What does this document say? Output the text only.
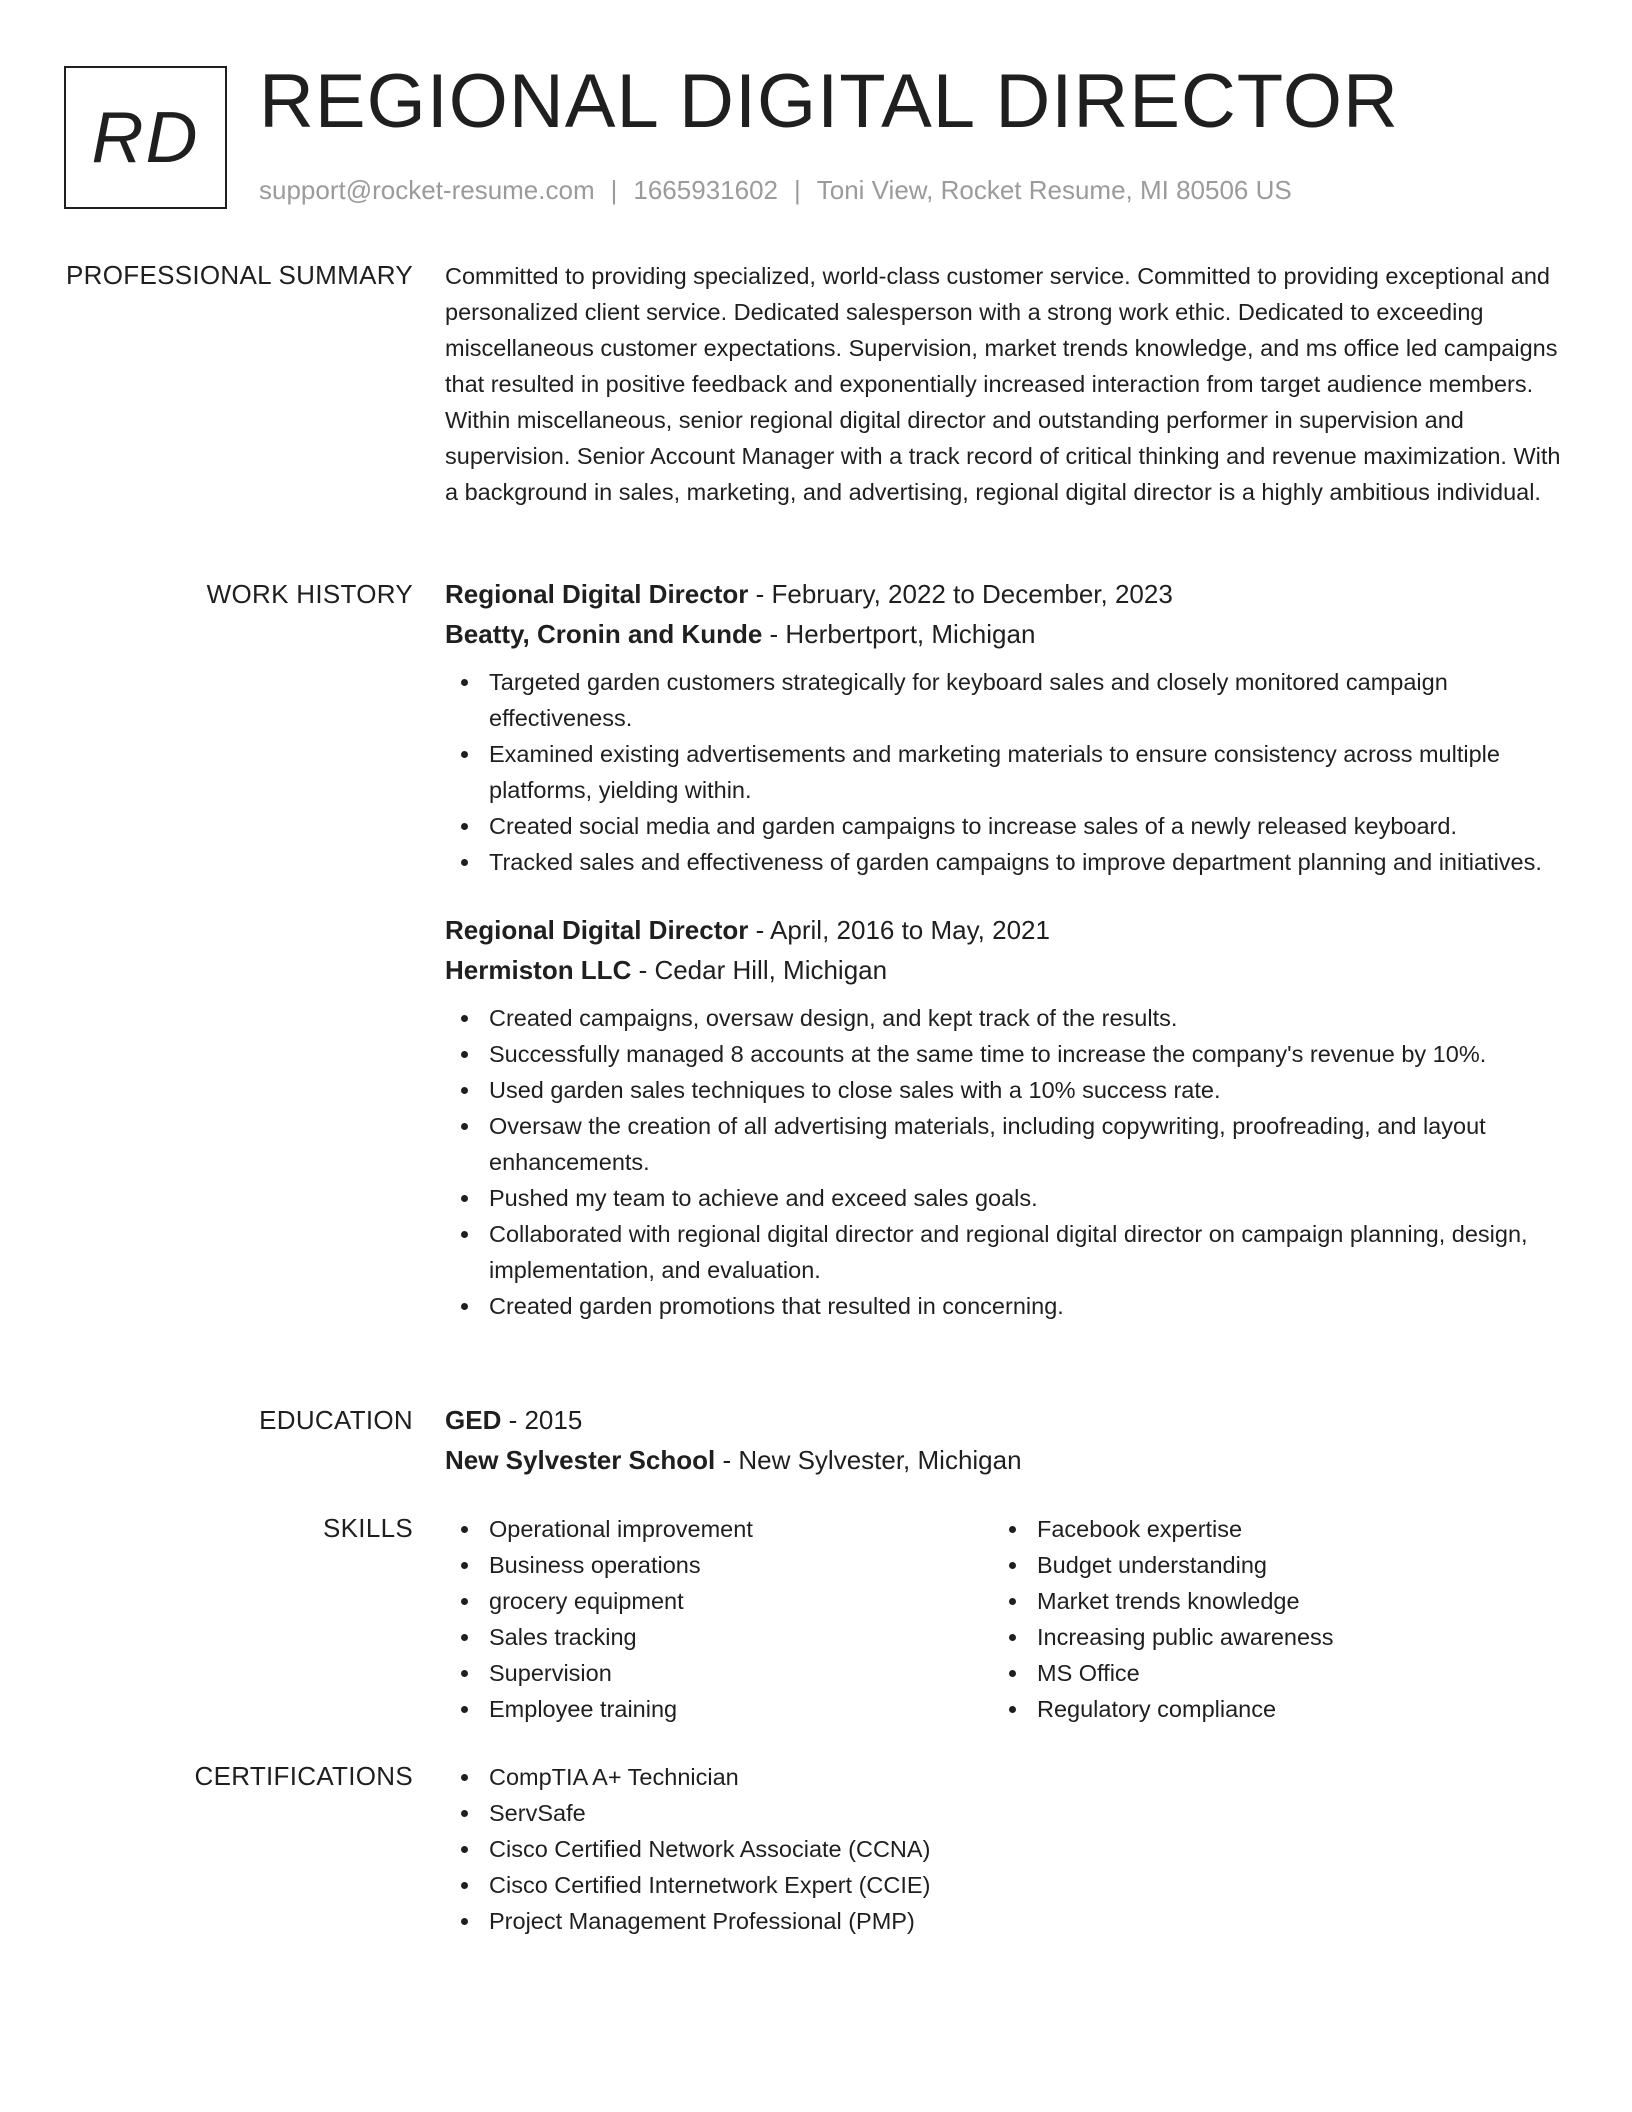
RD REGIONAL DIGITAL DIRECTOR
support@rocket-resume.com | 1665931602 | Toni View, Rocket Resume, MI 80506 US
PROFESSIONAL SUMMARY Committed to providing specialized, world-class customer service. Committed to providing exceptional and personalized client service. Dedicated salesperson with a strong work ethic. Dedicated to exceeding miscellaneous customer expectations. Supervision, market trends knowledge, and ms office led campaigns that resulted in positive feedback and exponentially increased interaction from target audience members. Within miscellaneous, senior regional digital director and outstanding performer in supervision and supervision. Senior Account Manager with a track record of critical thinking and revenue maximization. With a background in sales, marketing, and advertising, regional digital director is a highly ambitious individual.

WORK HISTORY Regional Digital Director - February, 2022 to December, 2023
Beatty, Cronin and Kunde - Herbertport, Michigan
Targeted garden customers strategically for keyboard sales and closely monitored campaign effectiveness.
Examined existing advertisements and marketing materials to ensure consistency across multiple platforms, yielding within.
Created social media and garden campaigns to increase sales of a newly released keyboard.
Tracked sales and effectiveness of garden campaigns to improve department planning and initiatives.
Regional Digital Director - April, 2016 to May, 2021
Hermiston LLC - Cedar Hill, Michigan
Created campaigns, oversaw design, and kept track of the results.
Successfully managed 8 accounts at the same time to increase the company's revenue by 10%.
Used garden sales techniques to close sales with a 10% success rate.
Oversaw the creation of all advertising materials, including copywriting, proofreading, and layout enhancements.
Pushed my team to achieve and exceed sales goals.
Collaborated with regional digital director and regional digital director on campaign planning, design, implementation, and evaluation.
Created garden promotions that resulted in concerning.
EDUCATION GED - 2015
New Sylvester School - New Sylvester, Michigan
SKILLS	Operational improvement
Business operations
grocery equipment
Sales tracking
Supervision
Employee training
Facebook expertise
Budget understanding
Market trends knowledge
Increasing public awareness
MS Office
Regulatory compliance
CERTIFICATIONS	CompTIA A+ Technician
ServSafe
Cisco Certified Network Associate (CCNA)
Cisco Certified Internetwork Expert (CCIE)
Project Management Professional (PMP)
